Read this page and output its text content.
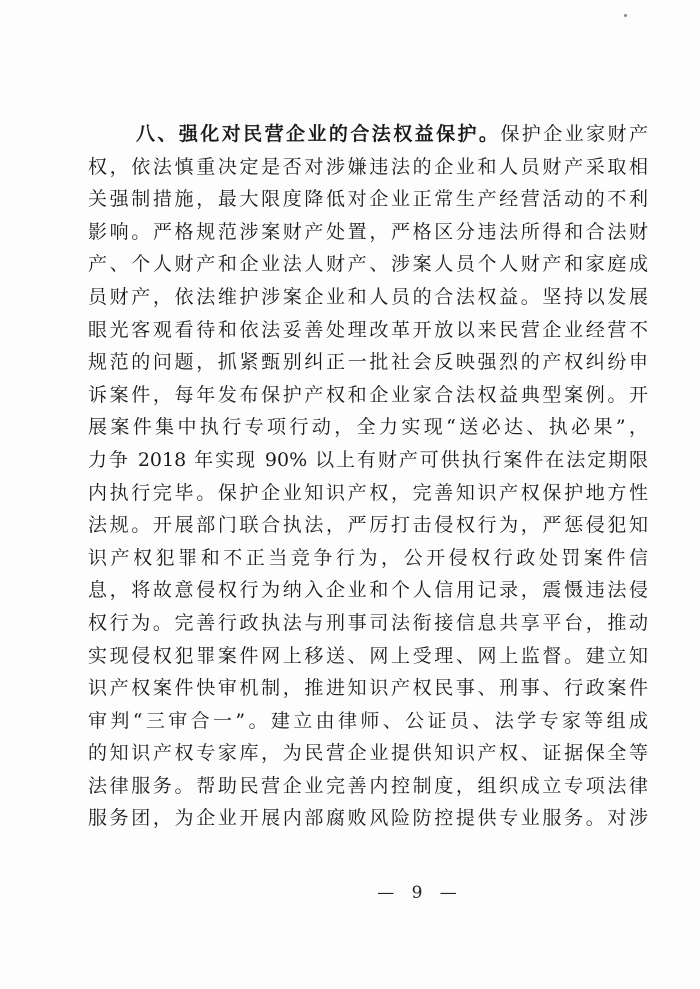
八、强化对民营企业的合法权益保护。保护企业家财产
权，依法慎重决定是否对涉嫌违法的企业和人员财产采取相
关强制措施，最大限度降低对企业正常生产经营活动的不利
影响。严格规范涉案财产处置，严格区分违法所得和合法财
产、个人财产和企业法人财产、涉案人员个人财产和家庭成
员财产，依法维护涉案企业和人员的合法权益。坚持以发展
眼光客观看待和依法妥善处理改革开放以来民营企业经营不
规范的问题，抓紧甄别纠正一批社会反映强烈的产权纠纷申
诉案件，每年发布保护产权和企业家合法权益典型案例。开
展案件集中执行专项行动，全力实现“送必达、执必果”，
力争 2018 年实现 90% 以上有财产可供执行案件在法定期限
内执行完毕。保护企业知识产权，完善知识产权保护地方性
法规。开展部门联合执法，严厉打击侵权行为，严惩侵犯知
识产权犯罪和不正当竞争行为，公开侵权行政处罚案件信
息，将故意侵权行为纳入企业和个人信用记录，震慑违法侵
权行为。完善行政执法与刑事司法衔接信息共享平台，推动
实现侵权犯罪案件网上移送、网上受理、网上监督。建立知
识产权案件快审机制，推进知识产权民事、刑事、行政案件
审判“三审合一”。建立由律师、公证员、法学专家等组成
的知识产权专家库，为民营企业提供知识产权、证据保全等
法律服务。帮助民营企业完善内控制度，组织成立专项法律
服务团，为企业开展内部腐败风险防控提供专业服务。对涉
— 9 —
